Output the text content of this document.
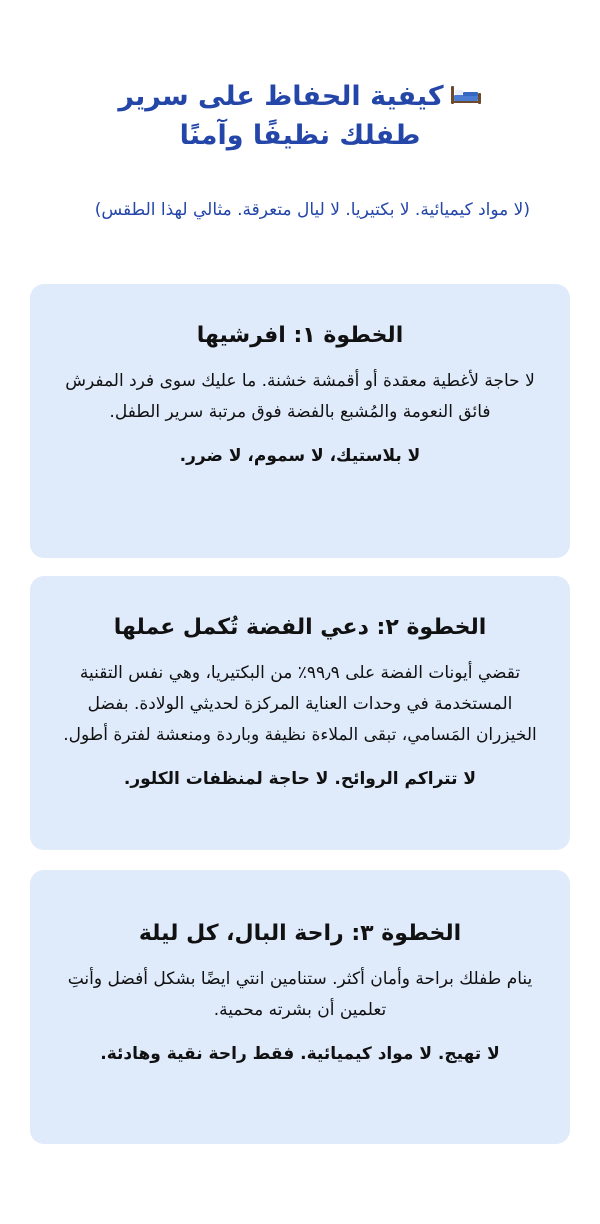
كيفية الحفاظ على سرير طفلك نظيفًا وآمنًا

(لا مواد كيميائية. لا بكتيريا. لا ليال متعرقة. مثالي لهذا الطقس)

الخطوة ١: افرشيها

لا حاجة لأغطية معقدة أو أقمشة خشنة. ما عليك سوى فرد المفرش فائق النعومة والمُشبع بالفضة فوق مرتبة سرير الطفل.

لا بلاستيك، لا سموم، لا ضرر.

الخطوة ٢: دعي الفضة تُكمل عملها

تقضي أيونات الفضة على ٩٩٫٩٪ من البكتيريا، وهي نفس التقنية المستخدمة في وحدات العناية المركزة لحديثي الولادة. بفضل الخيزران المَسامي، تبقى الملاءة نظيفة وباردة ومنعشة لفترة أطول.

لا تتراكم الروائح. لا حاجة لمنظفات الكلور.

الخطوة ٣: راحة البال، كل ليلة

ينام طفلك براحة وأمان أكثر. ستنامين انتي ايضًا بشكل أفضل وأنتِ تعلمين أن بشرته محمية.

لا تهيج. لا مواد كيميائية. فقط راحة نقية وهادئة.
